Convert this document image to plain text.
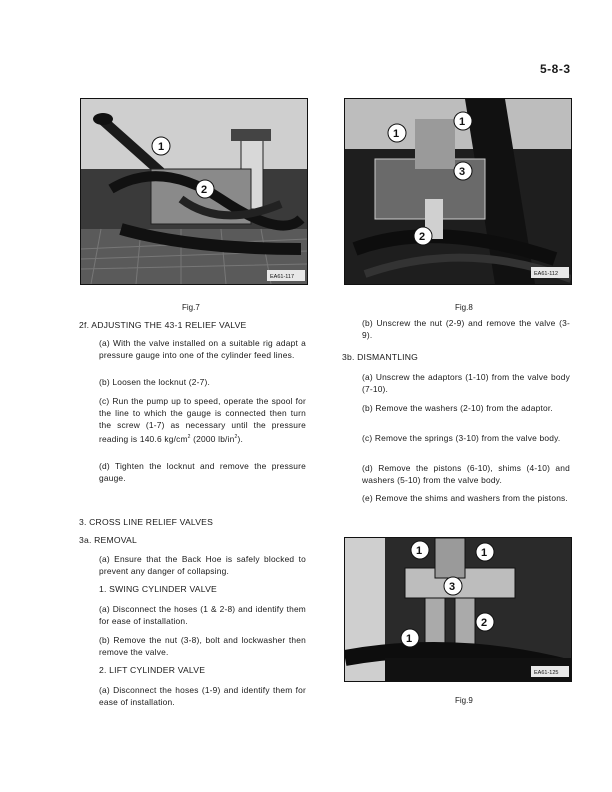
5-8-3
1
2
EA61-117
Fig.7
1
1
3
2
EA61-112
Fig.8
2f. ADJUSTING THE 43-1 RELIEF VALVE
(a) With the valve installed on a suitable rig adapt a pressure gauge into one of the cylinder feed lines.
(b) Loosen the locknut (2-7).
(c) Run the pump up to speed, operate the spool for the line to which the gauge is connected then turn the screw (1-7) as necessary until the pressure reading is 140.6 $kg/cm^2$ (2000 $lb/in^2$).
(d) Tighten the locknut and remove the pressure gauge.
3. CROSS LINE RELIEF VALVES
3a. REMOVAL
(a) Ensure that the Back Hoe is safely blocked to prevent any danger of collapsing.
1. SWING CYLINDER VALVE
(a) Disconnect the hoses (1 & 2-8) and identify them for ease of installation.
(b) Remove the nut (3-8), bolt and lockwasher then remove the valve.
2. LIFT CYLINDER VALVE
(a) Disconnect the hoses (1-9) and identify them for ease of installation.
(b) Unscrew the nut (2-9) and remove the valve (3-9).
3b. DISMANTLING
(a) Unscrew the adaptors (1-10) from the valve body (7-10).
(b) Remove the washers (2-10) from the adaptor.
(c) Remove the springs (3-10) from the valve body.
(d) Remove the pistons (6-10), shims (4-10) and washers (5-10) from the valve body.
(e) Remove the shims and washers from the pistons.
1	1
3
1
2
EA61-125
Fig.9
